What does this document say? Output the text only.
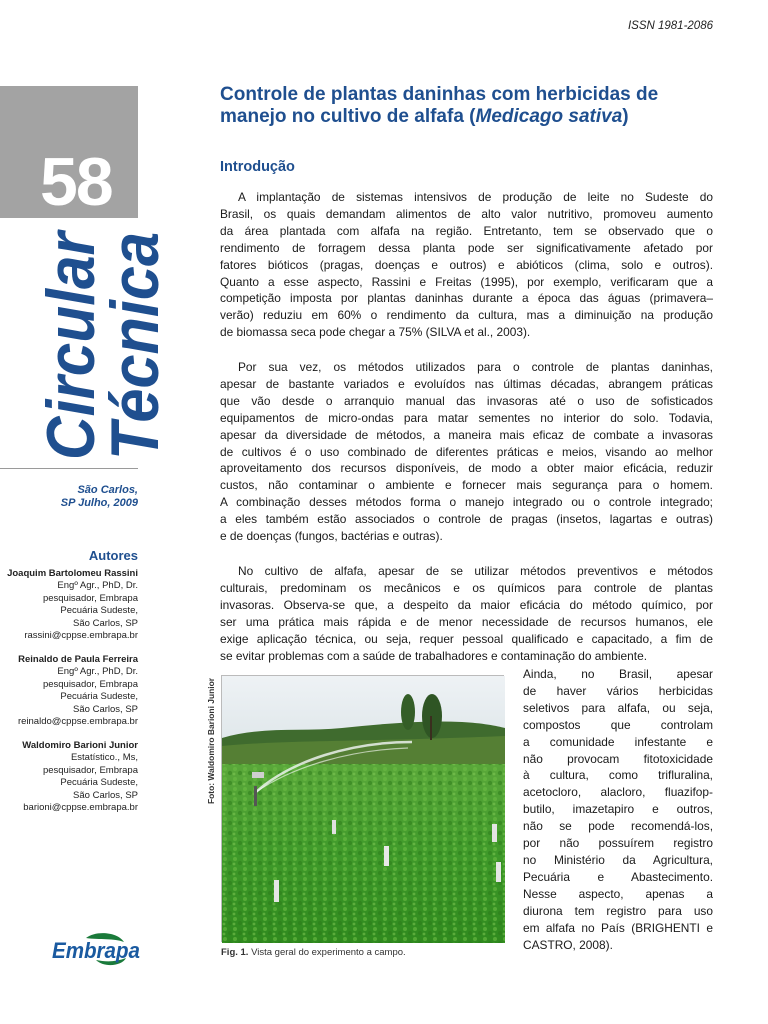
ISSN 1981-2086
58
Circular
Técnica
São Carlos,
SP Julho, 2009
Autores
Joaquim Bartolomeu Rassini
Engº Agr., PhD, Dr.
pesquisador, Embrapa
Pecuária Sudeste,
São Carlos, SP
rassini@cppse.embrapa.br
Reinaldo de Paula Ferreira
Engº Agr., PhD, Dr.
pesquisador, Embrapa
Pecuária Sudeste,
São Carlos, SP
reinaldo@cppse.embrapa.br
Waldomiro Barioni Junior
Estatístico., Ms,
pesquisador, Embrapa
Pecuária Sudeste,
São Carlos, SP
barioni@cppse.embrapa.br
Embrapa
Controle de plantas daninhas com herbicidas de
manejo no cultivo de alfafa (Medicago sativa)
Introdução
A implantação de sistemas intensivos de produção de leite no Sudeste do
Brasil, os quais demandam alimentos de alto valor nutritivo, promoveu aumento
da área plantada com alfafa na região. Entretanto, tem se observado que o
rendimento de forragem dessa planta pode ser significativamente afetado por
fatores bióticos (pragas, doenças e outros) e abióticos (clima, solo e outros).
Quanto a esse aspecto, Rassini e Freitas (1995), por exemplo, verificaram que a
competição imposta por plantas daninhas durante a época das águas (primavera–
verão) reduziu em 60% o rendimento da cultura, mas a diminuição na produção
de biomassa seca pode chegar a 75% (SILVA et al., 2003).
Por sua vez, os métodos utilizados para o controle de plantas daninhas,
apesar de bastante variados e evoluídos nas últimas décadas, abrangem práticas
que vão desde o arranquio manual das invasoras até o uso de sofisticados
equipamentos de micro-ondas para matar sementes no interior do solo. Todavia,
apesar da diversidade de métodos, a maneira mais eficaz de combate a invasoras
de cultivos é o uso combinado de diferentes práticas e meios, visando ao melhor
aproveitamento dos recursos disponíveis, de modo a obter maior eficácia, reduzir
custos, não contaminar o ambiente e fornecer mais segurança para o homem.
A combinação desses métodos forma o manejo integrado ou o controle integrado;
a eles também estão associados o controle de pragas (insetos, lagartas e outras)
e de doenças (fungos, bactérias e outras).
No cultivo de alfafa, apesar de se utilizar métodos preventivos e métodos
culturais, predominam os mecânicos e os químicos para controle de plantas
invasoras. Observa-se que, a despeito da maior eficácia do método químico, por
ser uma prática mais rápida e de menor necessidade de recursos humanos, ele
exige aplicação técnica, ou seja, requer pessoal qualificado e capacitado, a fim de
se evitar problemas com a saúde de trabalhadores e contaminação do ambiente.
Ainda, no Brasil, apesar
de haver vários herbicidas
seletivos para alfafa, ou seja,
compostos que controlam
a comunidade infestante e
não provocam fitotoxicidade
à cultura, como trifluralina,
acetocloro, alacloro, fluazifop-
butilo, imazetapiro e outros,
não se pode recomendá-los,
por não possuírem registro
no Ministério da Agricultura,
Pecuária e Abastecimento.
Nesse aspecto, apenas a
diurona tem registro para uso
em alfafa no País (BRIGHENTI e
CASTRO, 2008).
Foto: Waldomiro Barioni Junior
Fig. 1. Vista geral do experimento a campo.
